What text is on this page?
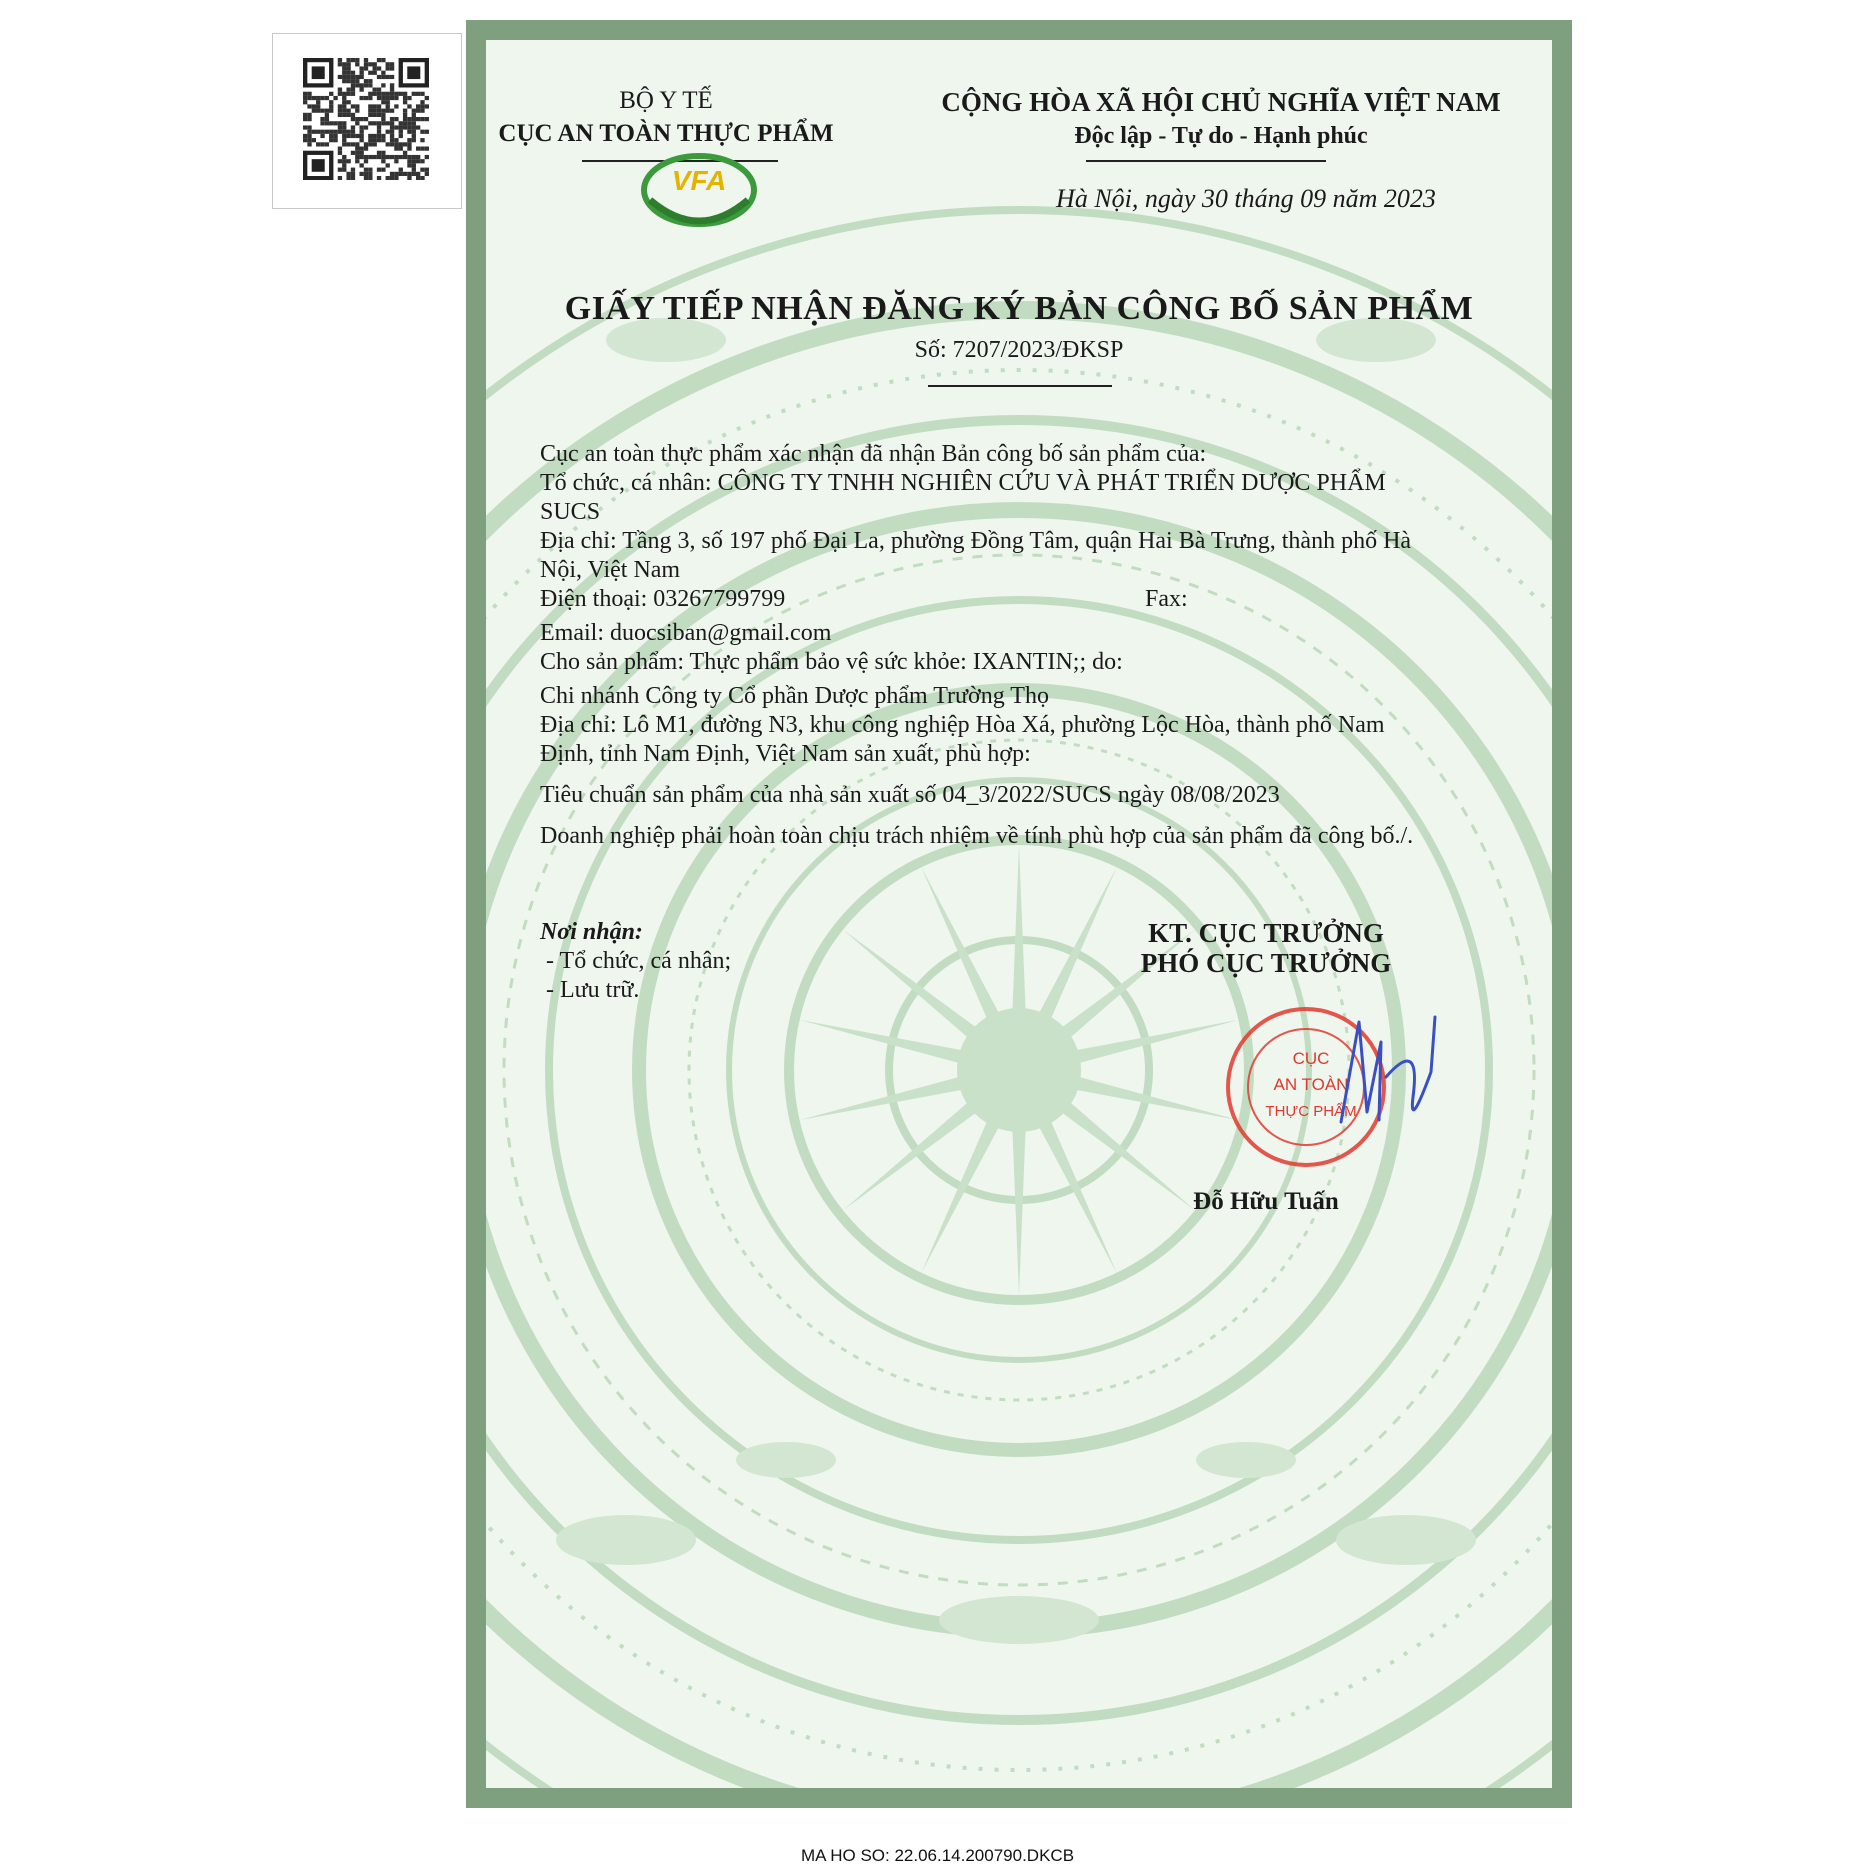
BỘ Y TẾ
CỤC AN TOÀN THỰC PHẨM
VFA
CỘNG HÒA XÃ HỘI CHỦ NGHĨA VIỆT NAM
Độc lập - Tự do - Hạnh phúc
Hà Nội, ngày 30 tháng 09 năm 2023
GIẤY TIẾP NHẬN ĐĂNG KÝ BẢN CÔNG BỐ SẢN PHẨM
Số: 7207/2023/ĐKSP

Cục an toàn thực phẩm xác nhận đã nhận Bản công bố sản phẩm của:

Tổ chức, cá nhân: CÔNG TY TNHH NGHIÊN CỨU VÀ PHÁT TRIỂN DƯỢC PHẨM

SUCS

Địa chỉ: Tầng 3, số 197 phố Đại La, phường Đồng Tâm, quận Hai Bà Trưng, thành phố Hà

Nội, Việt Nam

Điện thoại: 03267799799	Fax:

Email: duocsiban@gmail.com

Cho sản phẩm: Thực phẩm bảo vệ sức khỏe: IXANTIN;; do:

Chi nhánh Công ty Cổ phần Dược phẩm Trường Thọ

Địa chỉ: Lô M1, đường N3, khu công nghiệp Hòa Xá, phường Lộc Hòa, thành phố Nam

Định, tỉnh Nam Định, Việt Nam sản xuất, phù hợp:

Tiêu chuẩn sản phẩm của nhà sản xuất số 04_3/2022/SUCS ngày 08/08/2023

Doanh nghiệp phải hoàn toàn chịu trách nhiệm về tính phù hợp của sản phẩm đã công bố./.

Nơi nhận:
- Tổ chức, cá nhân;
- Lưu trữ.
KT. CỤC TRƯỞNG
PHÓ CỤC TRƯỞNG
CỤC
AN TOÀN
THỰC PHẨM
Đỗ Hữu Tuấn
MA HO SO: 22.06.14.200790.DKCB
